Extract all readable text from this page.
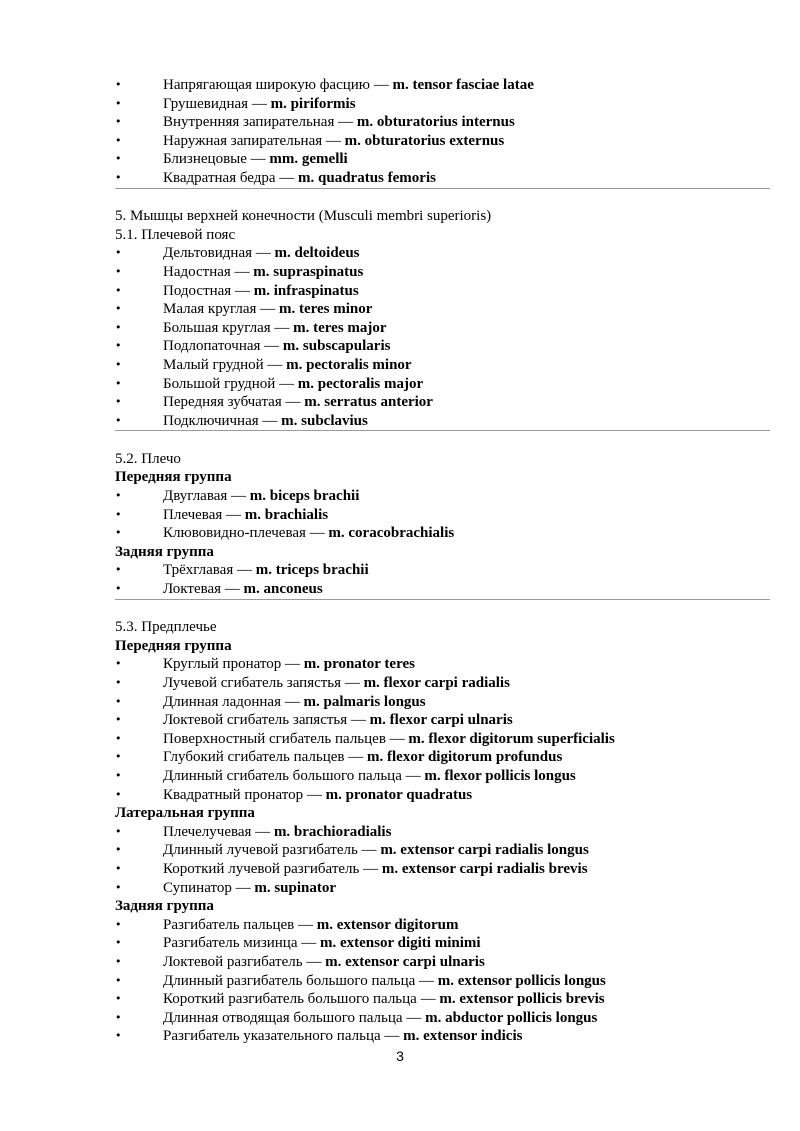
•	Напрягающая широкую фасцию — m. tensor fasciae latae
•	Грушевидная — m. piriformis
•	Внутренняя запирательная — m. obturatorius internus
•	Наружная запирательная — m. obturatorius externus
•	Близнецовые — mm. gemelli
•	Квадратная бедра — m. quadratus femoris
5. Мышцы верхней конечности (Musculi membri superioris)
5.1. Плечевой пояс
•	Дельтовидная — m. deltoideus
•	Надостная — m. supraspinatus
•	Подостная — m. infraspinatus
•	Малая круглая — m. teres minor
•	Большая круглая — m. teres major
•	Подлопаточная — m. subscapularis
•	Малый грудной — m. pectoralis minor
•	Большой грудной — m. pectoralis major
•	Передняя зубчатая — m. serratus anterior
•	Подключичная — m. subclavius
5.2. Плечо
Передняя группа
•	Двуглавая — m. biceps brachii
•	Плечевая — m. brachialis
•	Клювовидно-плечевая — m. coracobrachialis
Задняя группа
•	Трёхглавая — m. triceps brachii
•	Локтевая — m. anconeus
5.3. Предплечье
Передняя группа
•	Круглый пронатор — m. pronator teres
•	Лучевой сгибатель запястья — m. flexor carpi radialis
•	Длинная ладонная — m. palmaris longus
•	Локтевой сгибатель запястья — m. flexor carpi ulnaris
•	Поверхностный сгибатель пальцев — m. flexor digitorum superficialis
•	Глубокий сгибатель пальцев — m. flexor digitorum profundus
•	Длинный сгибатель большого пальца — m. flexor pollicis longus
•	Квадратный пронатор — m. pronator quadratus
Латеральная группа
•	Плечелучевая — m. brachioradialis
•	Длинный лучевой разгибатель — m. extensor carpi radialis longus
•	Короткий лучевой разгибатель — m. extensor carpi radialis brevis
•	Супинатор — m. supinator
Задняя группа
•	Разгибатель пальцев — m. extensor digitorum
•	Разгибатель мизинца — m. extensor digiti minimi
•	Локтевой разгибатель — m. extensor carpi ulnaris
•	Длинный разгибатель большого пальца — m. extensor pollicis longus
•	Короткий разгибатель большого пальца — m. extensor pollicis brevis
•	Длинная отводящая большого пальца — m. abductor pollicis longus
•	Разгибатель указательного пальца — m. extensor indicis
3
